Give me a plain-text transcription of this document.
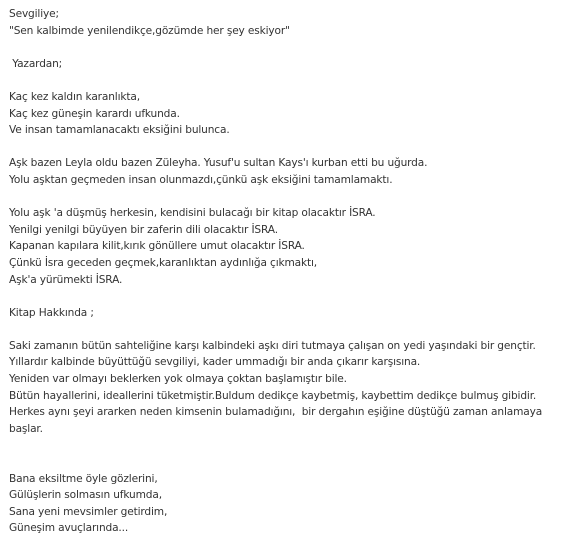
Sevgiliye;
"Sen kalbimde yenilendikçe,gözümde her şey eskiyor"
Yazardan;
Kaç kez kaldın karanlıkta,
Kaç kez güneşin karardı ufkunda.
Ve insan tamamlanacaktı eksiğini bulunca.
Aşk bazen Leyla oldu bazen Züleyha. Yusuf'u sultan Kays'ı kurban etti bu uğurda.
Yolu aşktan geçmeden insan olunmazdı,çünkü aşk eksiğini tamamlamaktı.
Yolu aşk 'a düşmüş herkesin, kendisini bulacağı bir kitap olacaktır İSRA.
Yenilgi yenilgi büyüyen bir zaferin dili olacaktır İSRA.
Kapanan kapılara kilit,kırık gönüllere umut olacaktır İSRA.
Çünkü İsra geceden geçmek,karanlıktan aydınlığa çıkmaktı,
Aşk'a yürümekti İSRA.
Kitap Hakkında ;
Saki zamanın bütün sahteliğine karşı kalbindeki aşkı diri tutmaya çalışan on yedi yaşındaki bir gençtir.
Yıllardır kalbinde büyüttüğü sevgiliyi, kader ummadığı bir anda çıkarır karşısına.
Yeniden var olmayı beklerken yok olmaya çoktan başlamıştır bile.
Bütün hayallerini, ideallerini tüketmiştir.Buldum dedikçe kaybetmiş, kaybettim dedikçe bulmuş gibidir.
Herkes aynı şeyi ararken neden kimsenin bulamadığını,  bir dergahın eşiğine düştüğü zaman anlamaya
başlar.
Bana eksiltme öyle gözlerini,
Gülüşlerin solmasın ufkumda,
Sana yeni mevsimler getirdim,
Güneşim avuçlarında...
